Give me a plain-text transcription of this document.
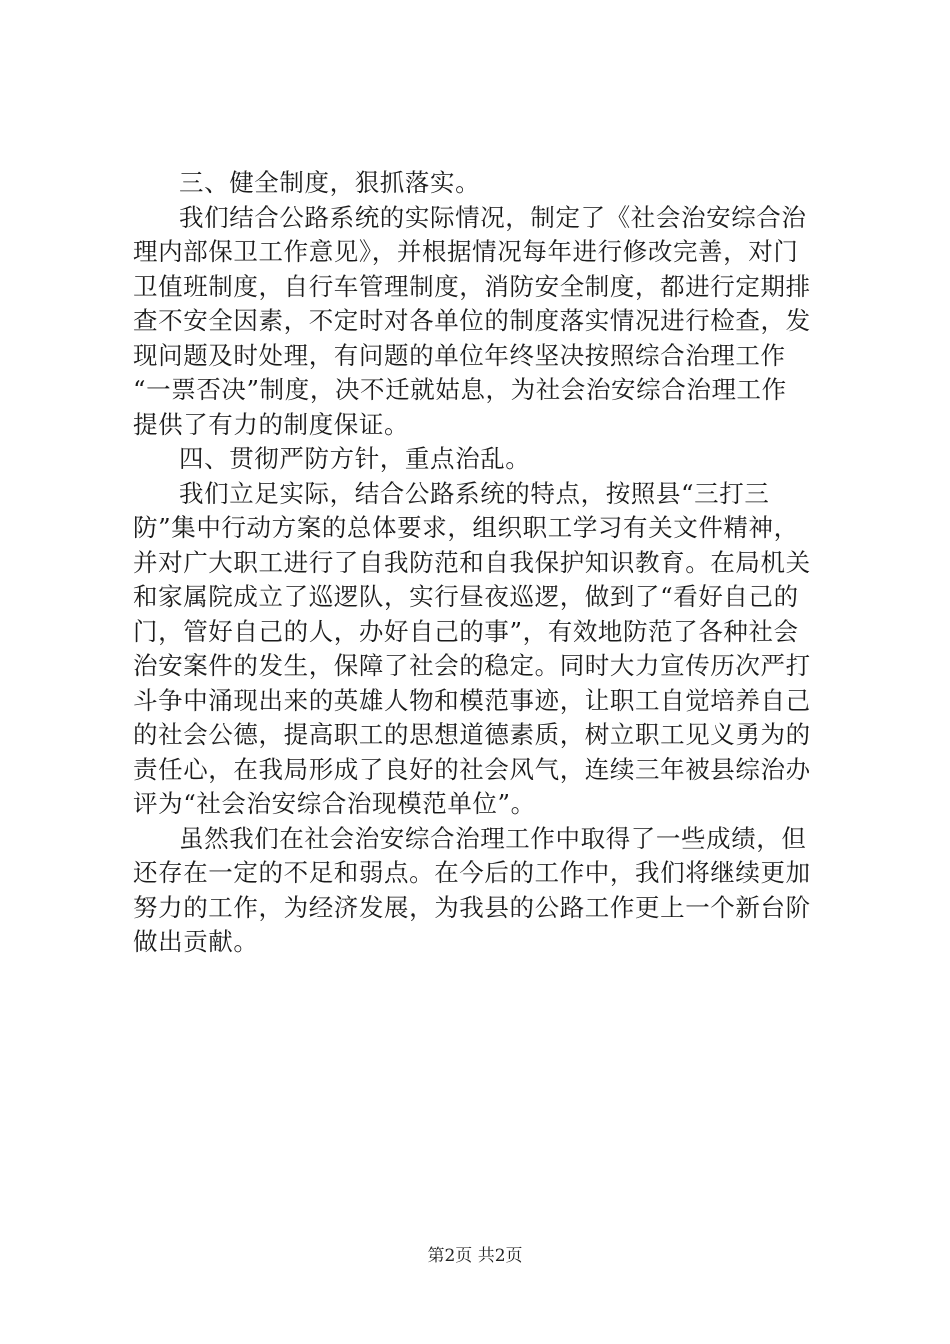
三、健全制度，狠抓落实。
我们结合公路系统的实际情况，制定了《社会治安综合治
理内部保卫工作意见》，并根据情况每年进行修改完善，对门
卫值班制度，自行车管理制度，消防安全制度，都进行定期排
查不安全因素，不定时对各单位的制度落实情况进行检查，发
现问题及时处理，有问题的单位年终坚决按照综合治理工作
“一票否决”制度，决不迁就姑息，为社会治安综合治理工作
提供了有力的制度保证。
四、贯彻严防方针，重点治乱。
我们立足实际，结合公路系统的特点，按照县“三打三
防”集中行动方案的总体要求，组织职工学习有关文件精神，
并对广大职工进行了自我防范和自我保护知识教育。在局机关
和家属院成立了巡逻队，实行昼夜巡逻，做到了“看好自己的
门，管好自己的人，办好自己的事”，有效地防范了各种社会
治安案件的发生，保障了社会的稳定。同时大力宣传历次严打
斗争中涌现出来的英雄人物和模范事迹，让职工自觉培养自己
的社会公德，提高职工的思想道德素质，树立职工见义勇为的
责任心，在我局形成了良好的社会风气，连续三年被县综治办
评为“社会治安综合治现模范单位”。
虽然我们在社会治安综合治理工作中取得了一些成绩，但
还存在一定的不足和弱点。在今后的工作中，我们将继续更加
努力的工作，为经济发展，为我县的公路工作更上一个新台阶
做出贡献。
第2页 共2页
